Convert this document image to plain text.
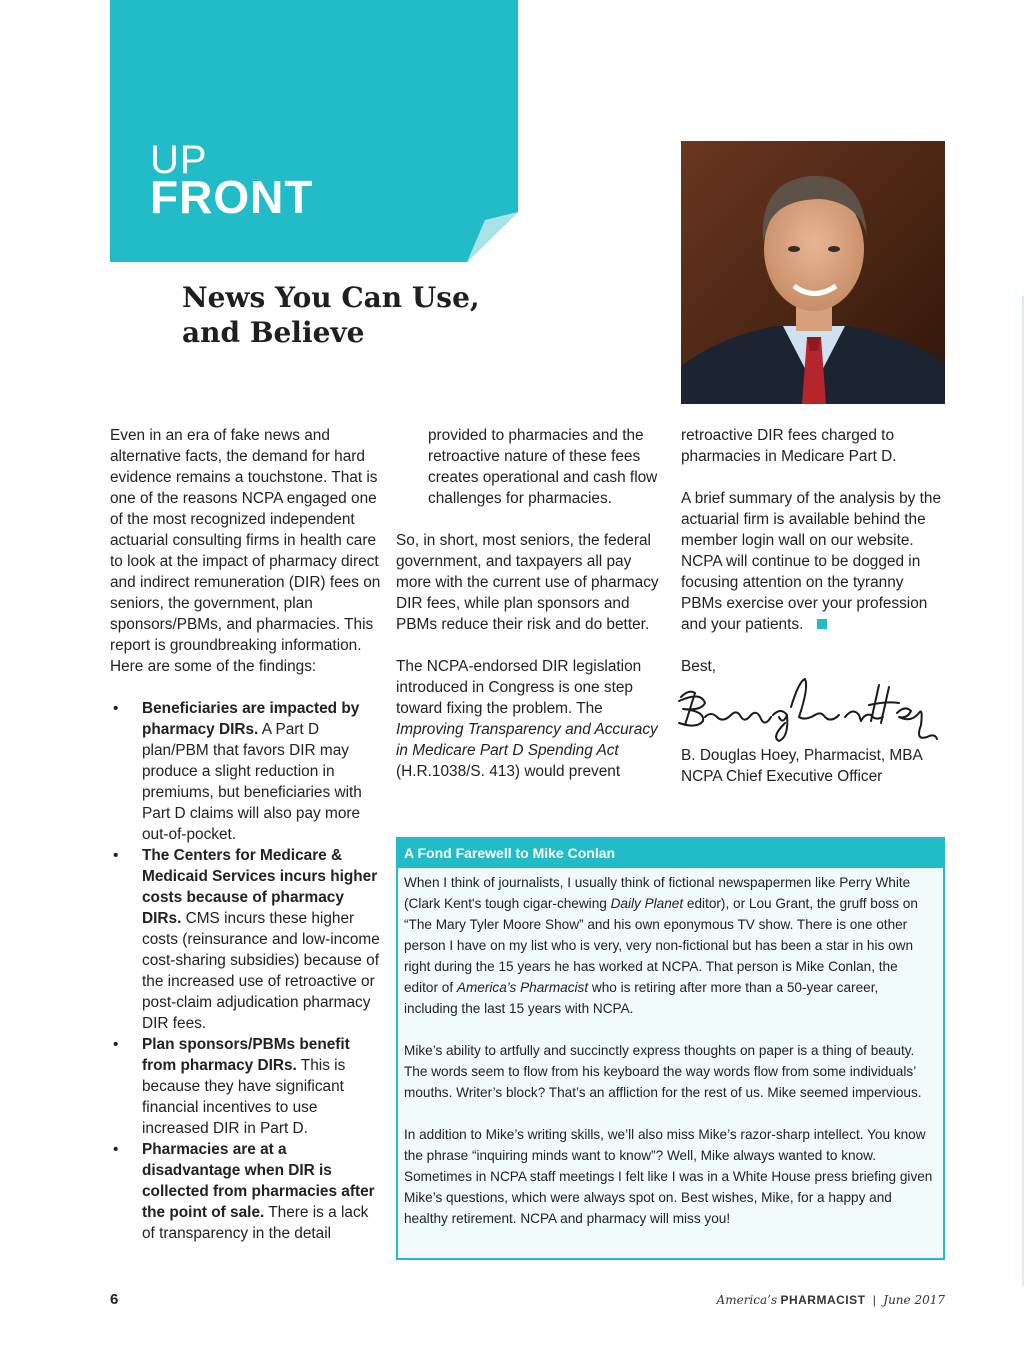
UP
FRONT
News You Can Use,
and Believe

Even in an era of fake news and alternative facts, the demand for hard evidence remains a touchstone. That is one of the reasons NCPA engaged one of the most recognized independent actuarial consulting firms in health care to look at the impact of pharmacy direct and indirect remuneration (DIR) fees on seniors, the government, plan sponsors/PBMs, and pharmacies. This report is groundbreaking information. Here are some of the findings:

• Beneficiaries are impacted by pharmacy DIRs. A Part D plan/PBM that favors DIR may produce a slight reduction in premiums, but beneficiaries with Part D claims will also pay more out-of-pocket.
• The Centers for Medicare & Medicaid Services incurs higher costs because of pharmacy DIRs. CMS incurs these higher costs (reinsurance and low-income cost-sharing subsidies) because of the increased use of retroactive or post-claim adjudication pharmacy DIR fees.
• Plan sponsors/PBMs benefit from pharmacy DIRs. This is because they have significant financial incentives to use increased DIR in Part D.
• Pharmacies are at a disadvantage when DIR is collected from pharmacies after the point of sale. There is a lack of transparency in the detail

provided to pharmacies and the retroactive nature of these fees creates operational and cash flow challenges for pharmacies.

So, in short, most seniors, the federal government, and taxpayers all pay more with the current use of pharmacy DIR fees, while plan sponsors and PBMs reduce their risk and do better.

The NCPA-endorsed DIR legislation introduced in Congress is one step toward fixing the problem. The Improving Transparency and Accuracy in Medicare Part D Spending Act (H.R.1038/S. 413) would prevent

retroactive DIR fees charged to pharmacies in Medicare Part D.

A brief summary of the analysis by the actuarial firm is available behind the member login wall on our website. NCPA will continue to be dogged in focusing attention on the tyranny PBMs exercise over your profession and your patients.

Best,

B. Douglas Hoey, Pharmacist, MBA
NCPA Chief Executive Officer
A Fond Farewell to Mike Conlan

When I think of journalists, I usually think of fictional newspapermen like Perry White (Clark Kent's tough cigar-chewing Daily Planet editor), or Lou Grant, the gruff boss on “The Mary Tyler Moore Show” and his own eponymous TV show. There is one other person I have on my list who is very, very non-fictional but has been a star in his own right during the 15 years he has worked at NCPA. That person is Mike Conlan, the editor of America’s Pharmacist who is retiring after more than a 50-year career, including the last 15 years with NCPA.

Mike’s ability to artfully and succinctly express thoughts on paper is a thing of beauty. The words seem to flow from his keyboard the way words flow from some individuals’ mouths. Writer’s block? That’s an affliction for the rest of us. Mike seemed impervious.

In addition to Mike’s writing skills, we’ll also miss Mike’s razor-sharp intellect. You know the phrase “inquiring minds want to know”? Well, Mike always wanted to know. Sometimes in NCPA staff meetings I felt like I was in a White House press briefing given Mike’s questions, which were always spot on. Best wishes, Mike, for a happy and healthy retirement. NCPA and pharmacy will miss you!

6	America’s PHARMACIST | June 2017
